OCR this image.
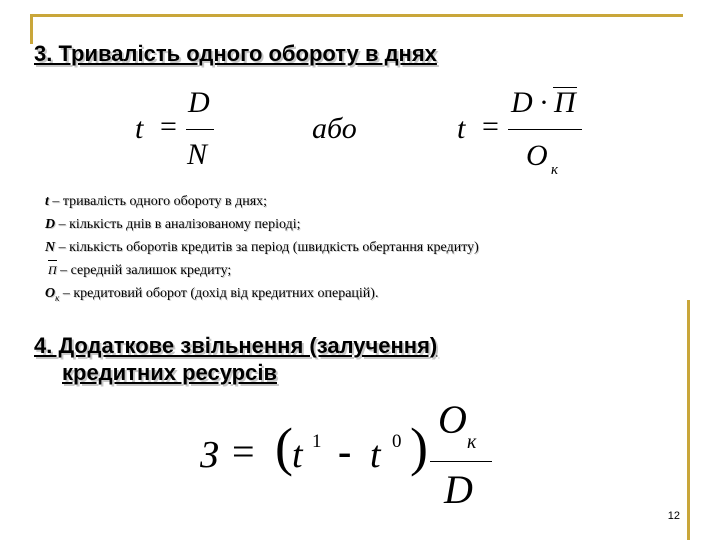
3. Тривалість одного обороту в днях
t =
D
N
або	t =
D · П
О к
t – тривалість одного обороту в днях;
D – кількість днів в аналізованому періоді;
N – кількість оборотів кредитів за період (швидкість обертання кредиту)
П – середній залишок кредиту;
$О_к$ – кредитовий оборот (дохід від кредитних операцій).
4. Додаткове звільнення (залучення)
кредитних ресурсів
З = ( t 1 - t 0 ) О к
D
12
